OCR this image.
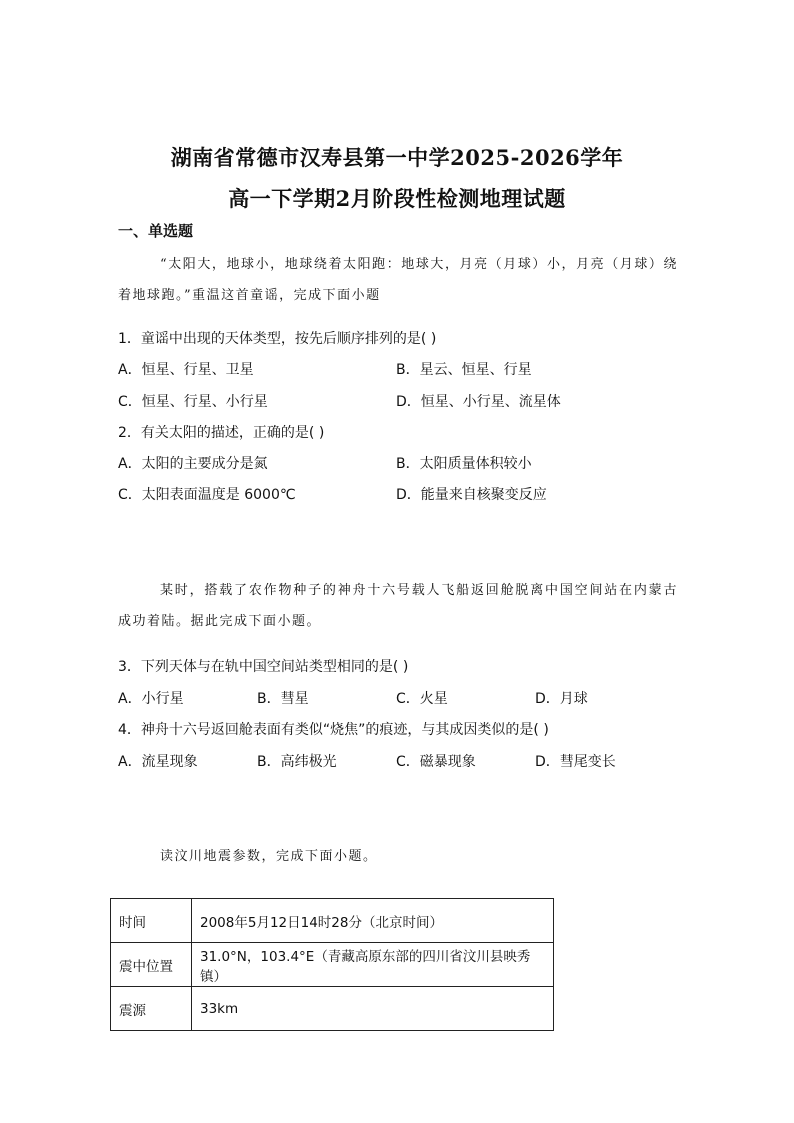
湖南省常德市汉寿县第一中学2025-2026学年
高一下学期2月阶段性检测地理试题
一、单选题

“太阳大，地球小，地球绕着太阳跑：地球大，月亮（月球）小，月亮（月球）绕着地球跑。”重温这首童谣，完成下面小题

1．童谣中出现的天体类型，按先后顺序排列的是( )
A．恒星、行星、卫星	B．星云、恒星、行星
C．恒星、行星、小行星	D．恒星、小行星、流星体
2．有关太阳的描述，正确的是( )
A．太阳的主要成分是氮	B．太阳质量体积较小
C．太阳表面温度是 6000℃	D．能量来自核聚变反应

某时，搭载了农作物种子的神舟十六号载人飞船返回舱脱离中国空间站在内蒙古成功着陆。据此完成下面小题。

3．下列天体与在轨中国空间站类型相同的是( )
A．小行星	B．彗星	C．火星	D．月球
4．神舟十六号返回舱表面有类似“烧焦”的痕迹，与其成因类似的是( )
A．流星现象	B．高纬极光	C．磁暴现象	D．彗尾变长

读汶川地震参数，完成下面小题。

时间	2008年5月12日14时28分（北京时间）
震中位置	31.0°N，103.4°E（青藏高原东部的四川省汶川县映秀镇）
震源	33km
